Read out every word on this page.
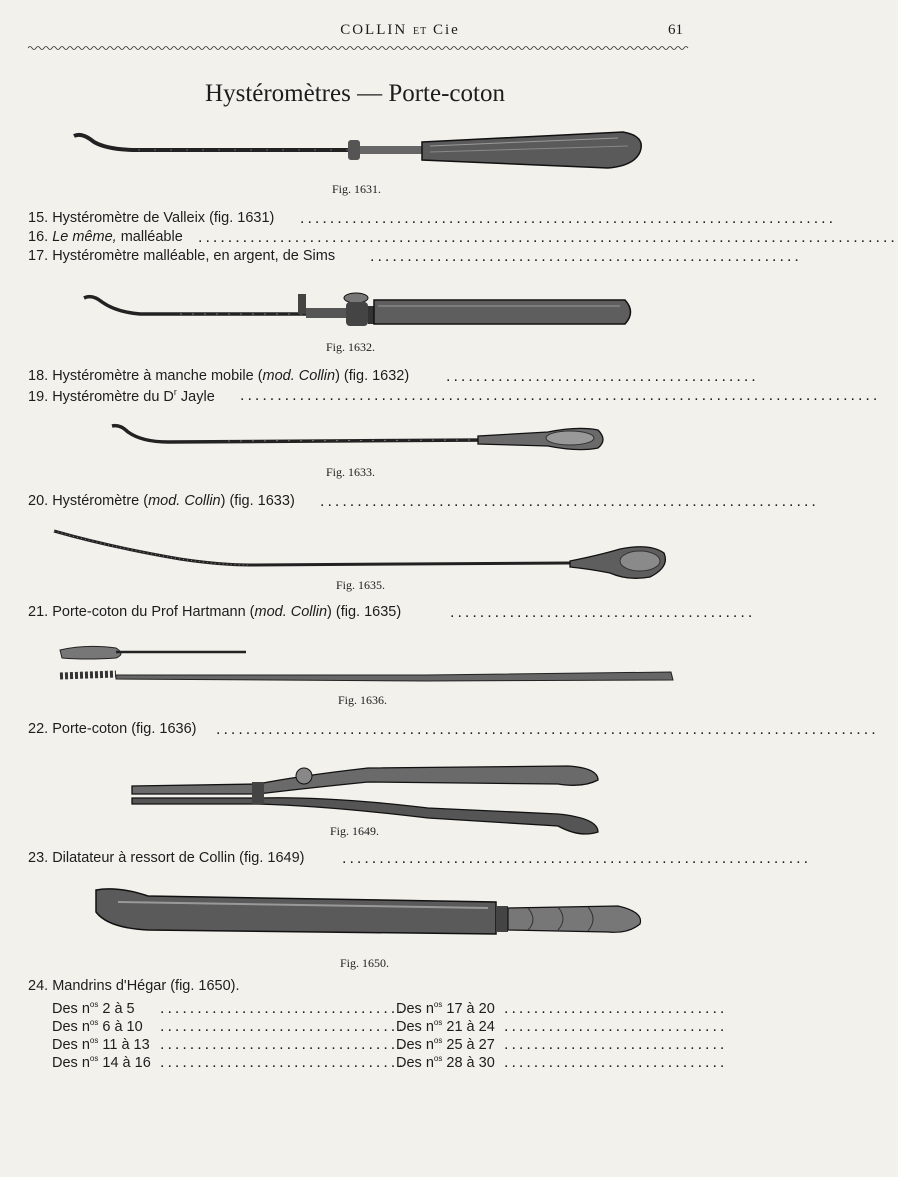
COLLIN ET Cie	61
Hystéromètres — Porte-coton
Fig. 1631.
15. Hystéromètre de Valleix (fig. 1631)
16. Le même, malléable
17. Hystéromètre malléable, en argent, de Sims
........................................................................
..............................................................................................
..........................................................
Fig. 1632.
18. Hystéromètre à manche mobile (mod. Collin) (fig. 1632)
19. Hystéromètre du $D^r$ Jayle
..........................................
......................................................................................
Fig. 1633.
20. Hystéromètre (mod. Collin) (fig. 1633) ...................................................................
Fig. 1635.
21. Porte-coton du Prof Hartmann (mod. Collin) (fig. 1635)	.........................................
Fig. 1636.
22. Porte-coton (fig. 1636) .........................................................................................
Fig. 1649.
23. Dilatateur à ressort de Collin (fig. 1649) ...............................................................
Fig. 1650.
24. Mandrins d'Hégar (fig. 1650).
Des $n^{os}$ 2 à 5
Des $n^{os}$ 6 à 10
Des $n^{os}$ 11 à 13
Des $n^{os}$ 14 à 16
.................................
.................................
.................................
.................................
Des $n^{os}$ 17 à 20
Des $n^{os}$ 21 à 24
Des $n^{os}$ 25 à 27
Des $n^{os}$ 28 à 30
..............................
..............................
..............................
..............................
